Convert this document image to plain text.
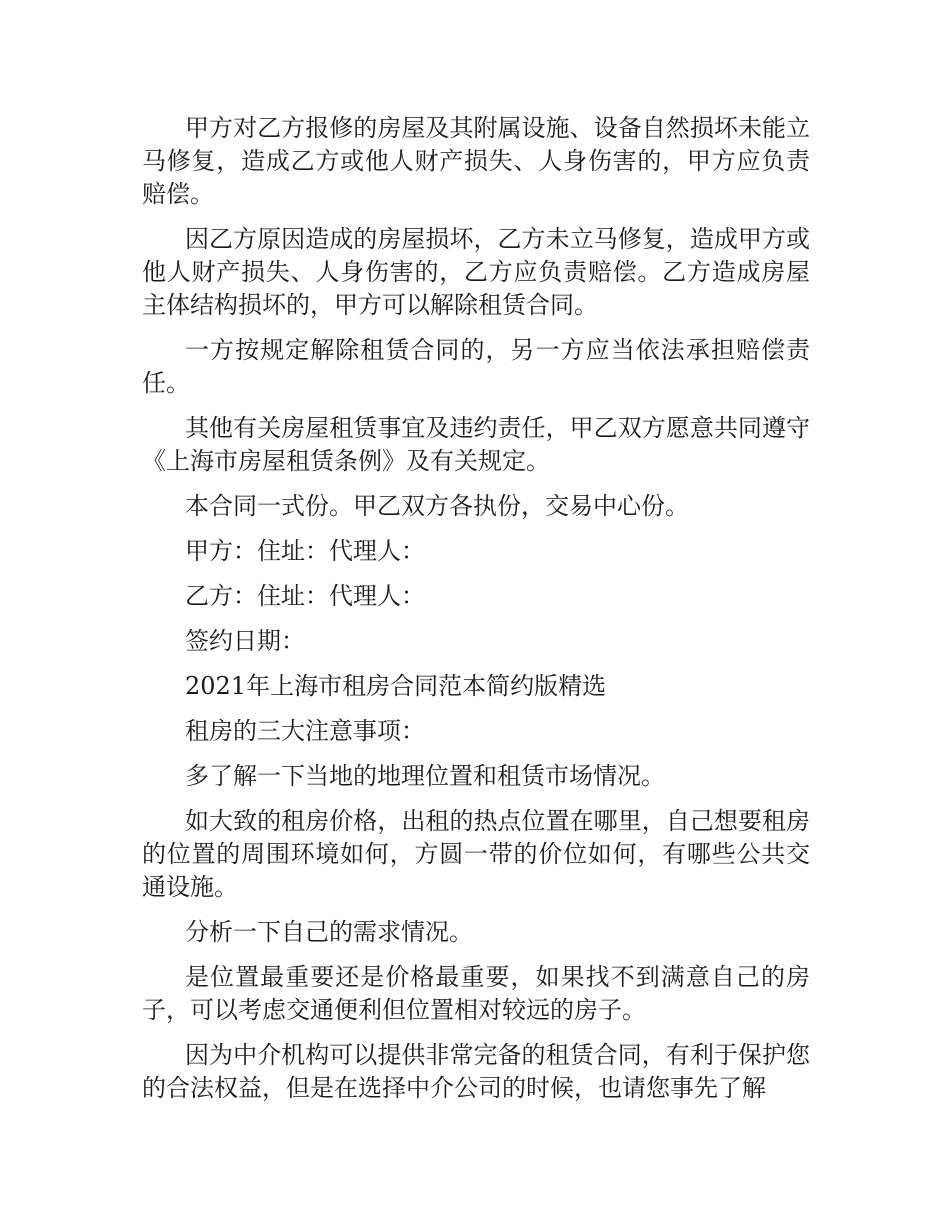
甲方对乙方报修的房屋及其附属设施、设备自然损坏未能立马修复，造成乙方或他人财产损失、人身伤害的，甲方应负责赔偿。

因乙方原因造成的房屋损坏，乙方未立马修复，造成甲方或他人财产损失、人身伤害的，乙方应负责赔偿。乙方造成房屋主体结构损坏的，甲方可以解除租赁合同。

一方按规定解除租赁合同的，另一方应当依法承担赔偿责任。

其他有关房屋租赁事宜及违约责任，甲乙双方愿意共同遵守《上海市房屋租赁条例》及有关规定。

本合同一式份。甲乙双方各执份，交易中心份。

甲方：住址：代理人：

乙方：住址：代理人：

签约日期：

2021年上海市租房合同范本简约版精选

租房的三大注意事项：

多了解一下当地的地理位置和租赁市场情况。

如大致的租房价格，出租的热点位置在哪里，自己想要租房的位置的周围环境如何，方圆一带的价位如何，有哪些公共交通设施。

分析一下自己的需求情况。

是位置最重要还是价格最重要，如果找不到满意自己的房子，可以考虑交通便利但位置相对较远的房子。

因为中介机构可以提供非常完备的租赁合同，有利于保护您的合法权益，但是在选择中介公司的时候，也请您事先了解
